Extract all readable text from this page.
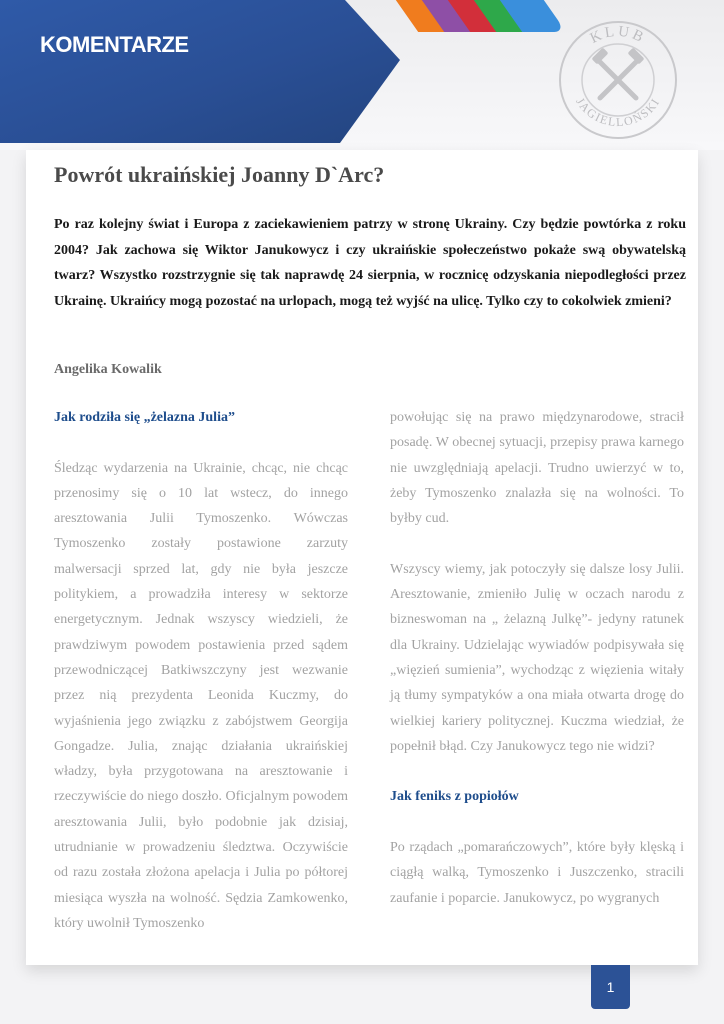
KOMENTARZE	KLUB
JAGIELLOŃSKI
Powrót ukraińskiej Joanny D`Arc?
Po raz kolejny świat i Europa z zaciekawieniem patrzy w stronę Ukrainy. Czy będzie powtórka z roku 2004? Jak zachowa się Wiktor Janukowycz i czy ukraińskie społeczeństwo pokaże swą obywatelską twarz? Wszystko rozstrzygnie się tak naprawdę 24 sierpnia, w rocznicę odzyskania niepodległości przez Ukrainę. Ukraińcy mogą pozostać na urlopach, mogą też wyjść na ulicę. Tylko czy to cokolwiek zmieni?
Angelika Kowalik

Jak rodziła się „żelazna Julia”

Śledząc wydarzenia na Ukrainie, chcąc, nie chcąc przenosimy się o 10 lat wstecz, do innego aresztowania Julii Tymoszenko. Wówczas Tymoszenko zostały postawione zarzuty malwersacji sprzed lat, gdy nie była jeszcze politykiem, a prowadziła interesy w sektorze energetycznym. Jednak wszyscy wiedzieli, że prawdziwym powodem postawienia przed sądem przewodniczącej Batkiwszczyny jest wezwanie przez nią prezydenta Leonida Kuczmy, do wyjaśnienia jego związku z zabójstwem Georgija Gongadze. Julia, znając działania ukraińskiej władzy, była przygotowana na aresztowanie i rzeczywiście do niego doszło. Oficjalnym powodem aresztowania Julii, było podobnie jak dzisiaj, utrudnianie w prowadzeniu śledztwa. Oczywiście od razu została złożona apelacja i Julia po półtorej miesiąca wyszła na wolność. Sędzia Zamkowenko, który uwolnił Tymoszenko

powołując się na prawo międzynarodowe, stracił posadę. W obecnej sytuacji, przepisy prawa karnego nie uwzględniają apelacji. Trudno uwierzyć w to, żeby Tymoszenko znalazła się na wolności. To byłby cud.

Wszyscy wiemy, jak potoczyły się dalsze losy Julii. Aresztowanie, zmieniło Julię w oczach narodu z bizneswoman na „ żelazną Julkę”- jedyny ratunek dla Ukrainy. Udzielając wywiadów podpisywała się „więzień sumienia”, wychodząc z więzienia witały ją tłumy sympatyków a ona miała otwarta drogę do wielkiej kariery politycznej. Kuczma wiedział, że popełnił błąd. Czy Janukowycz tego nie widzi?

Jak feniks z popiołów

Po rządach „pomarańczowych”, które były klęską i ciągłą walką, Tymoszenko i Juszczenko, stracili zaufanie i poparcie. Janukowycz, po wygranych

1
